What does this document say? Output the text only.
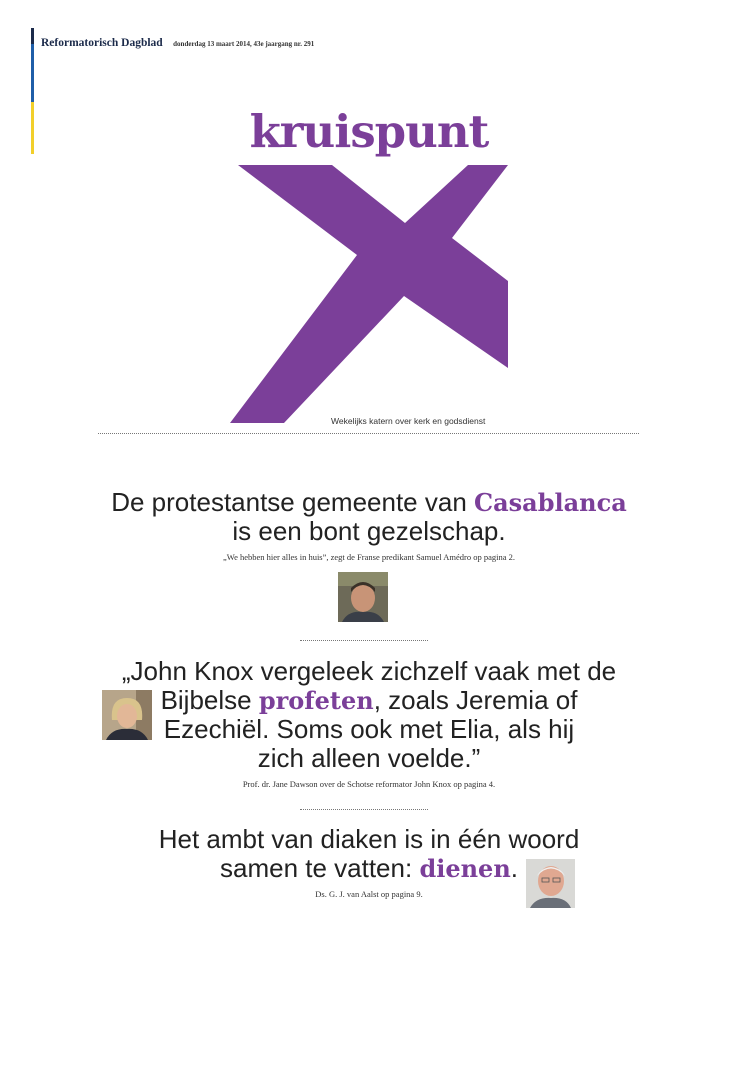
Reformatorisch Dagblad donderdag 13 maart 2014, 43e jaargang nr. 291
kruispunt
Wekelijks katern over kerk en godsdienst
De protestantse gemeente van Casablanca
is een bont gezelschap.
„We hebben hier alles in huis”, zegt de Franse predikant Samuel Amédro op pagina 2.
„John Knox vergeleek zichzelf vaak met de
Bijbelse profeten, zoals Jeremia of
Ezechiël. Soms ook met Elia, als hij
zich alleen voelde.”
Prof. dr. Jane Dawson over de Schotse reformator John Knox op pagina 4.
Het ambt van diaken is in één woord
samen te vatten: dienen.
Ds. G. J. van Aalst op pagina 9.
